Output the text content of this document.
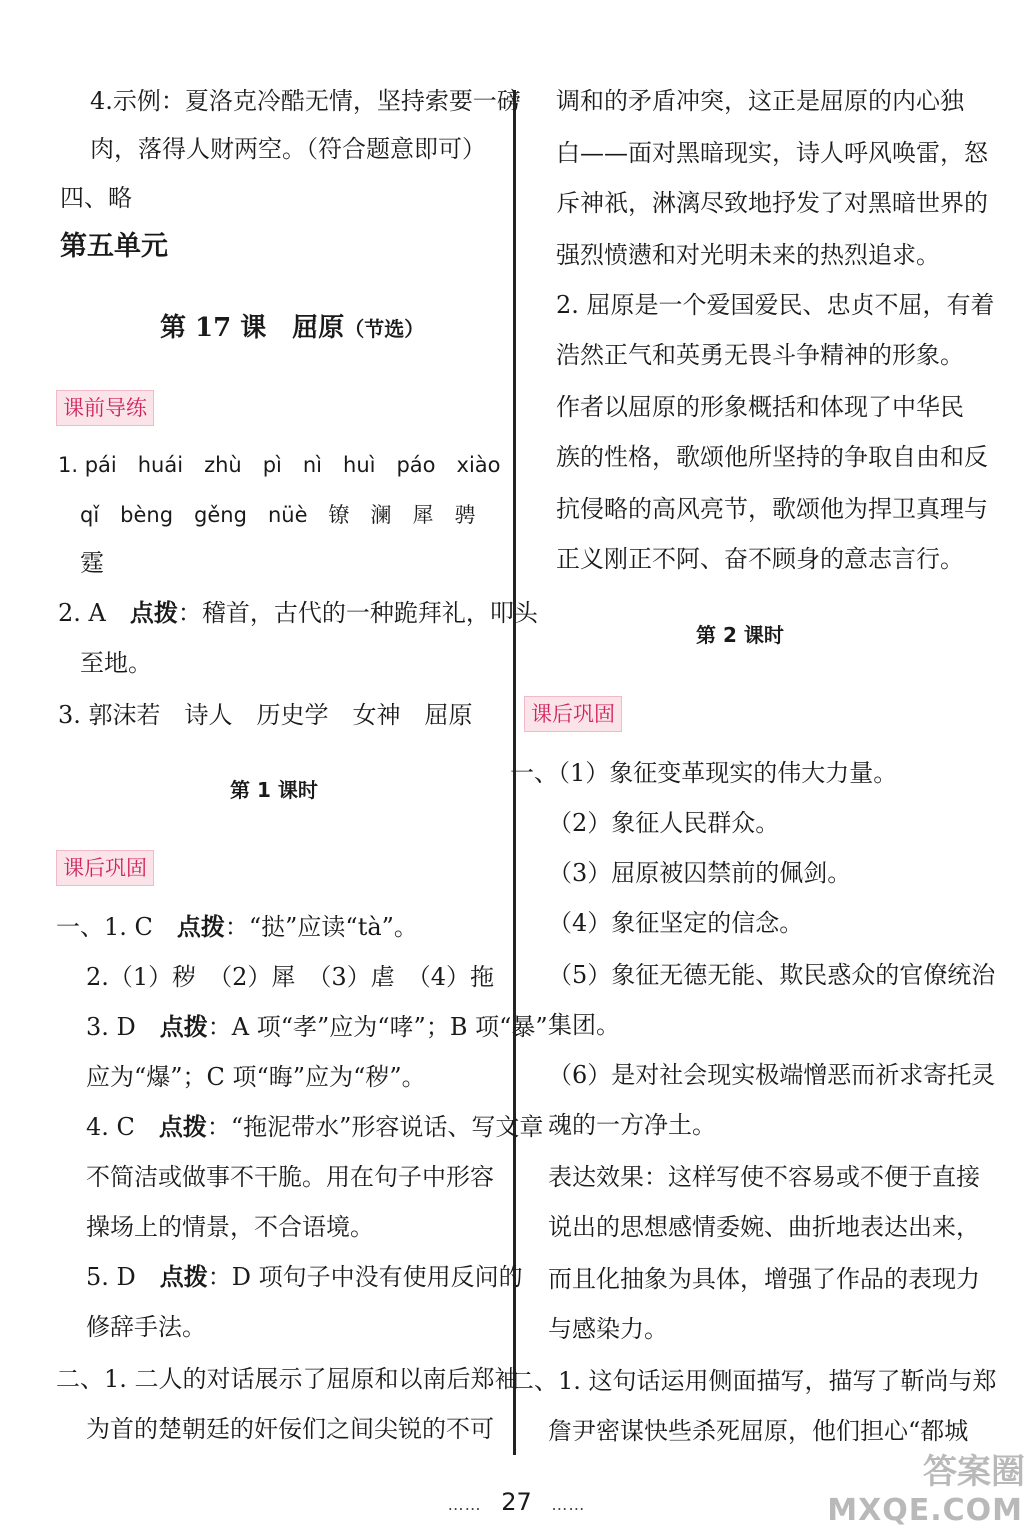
4.示例：夏洛克冷酷无情，坚持索要一磅
肉，落得人财两空。（符合题意即可）
四、略
第五单元
第 17 课　屈原（节选）
课前导练
1. pái　huái　zhù　pì　nì　huì　páo　xiào
qǐ　bèng　gěng　nüè　镣　澜　犀　骋
霆
2. A　点拨：稽首，古代的一种跪拜礼，叩头
至地。
3. 郭沫若　诗人　历史学　女神　屈原
第 1 课时
课后巩固
一、1. C　点拨：“挞”应读“tà”。
2.（1）秽　（2）犀　（3）虐　（4）拖
3. D　点拨：A 项“孝”应为“哮”；B 项“暴”
应为“爆”；C 项“晦”应为“秽”。
4. C　点拨：“拖泥带水”形容说话、写文章
不简洁或做事不干脆。用在句子中形容
操场上的情景，不合语境。
5. D　点拨：D 项句子中没有使用反问的
修辞手法。
二、1. 二人的对话展示了屈原和以南后郑袖
为首的楚朝廷的奸佞们之间尖锐的不可
调和的矛盾冲突，这正是屈原的内心独
白——面对黑暗现实，诗人呼风唤雷，怒
斥神祇，淋漓尽致地抒发了对黑暗世界的
强烈愤懑和对光明未来的热烈追求。
2. 屈原是一个爱国爱民、忠贞不屈，有着
浩然正气和英勇无畏斗争精神的形象。
作者以屈原的形象概括和体现了中华民
族的性格，歌颂他所坚持的争取自由和反
抗侵略的高风亮节，歌颂他为捍卫真理与
正义刚正不阿、奋不顾身的意志言行。
第 2 课时
课后巩固
一、（1）象征变革现实的伟大力量。
（2）象征人民群众。
（3）屈原被囚禁前的佩剑。
（4）象征坚定的信念。
（5）象征无德无能、欺民惑众的官僚统治
集团。
（6）是对社会现实极端憎恶而祈求寄托灵
魂的一方净土。
表达效果：这样写使不容易或不便于直接
说出的思想感情委婉、曲折地表达出来，
而且化抽象为具体，增强了作品的表现力
与感染力。
二、1. 这句话运用侧面描写，描写了靳尚与郑
詹尹密谋快些杀死屈原，他们担心“都城
…… 27 ……
答案圈
MXQE.COM
